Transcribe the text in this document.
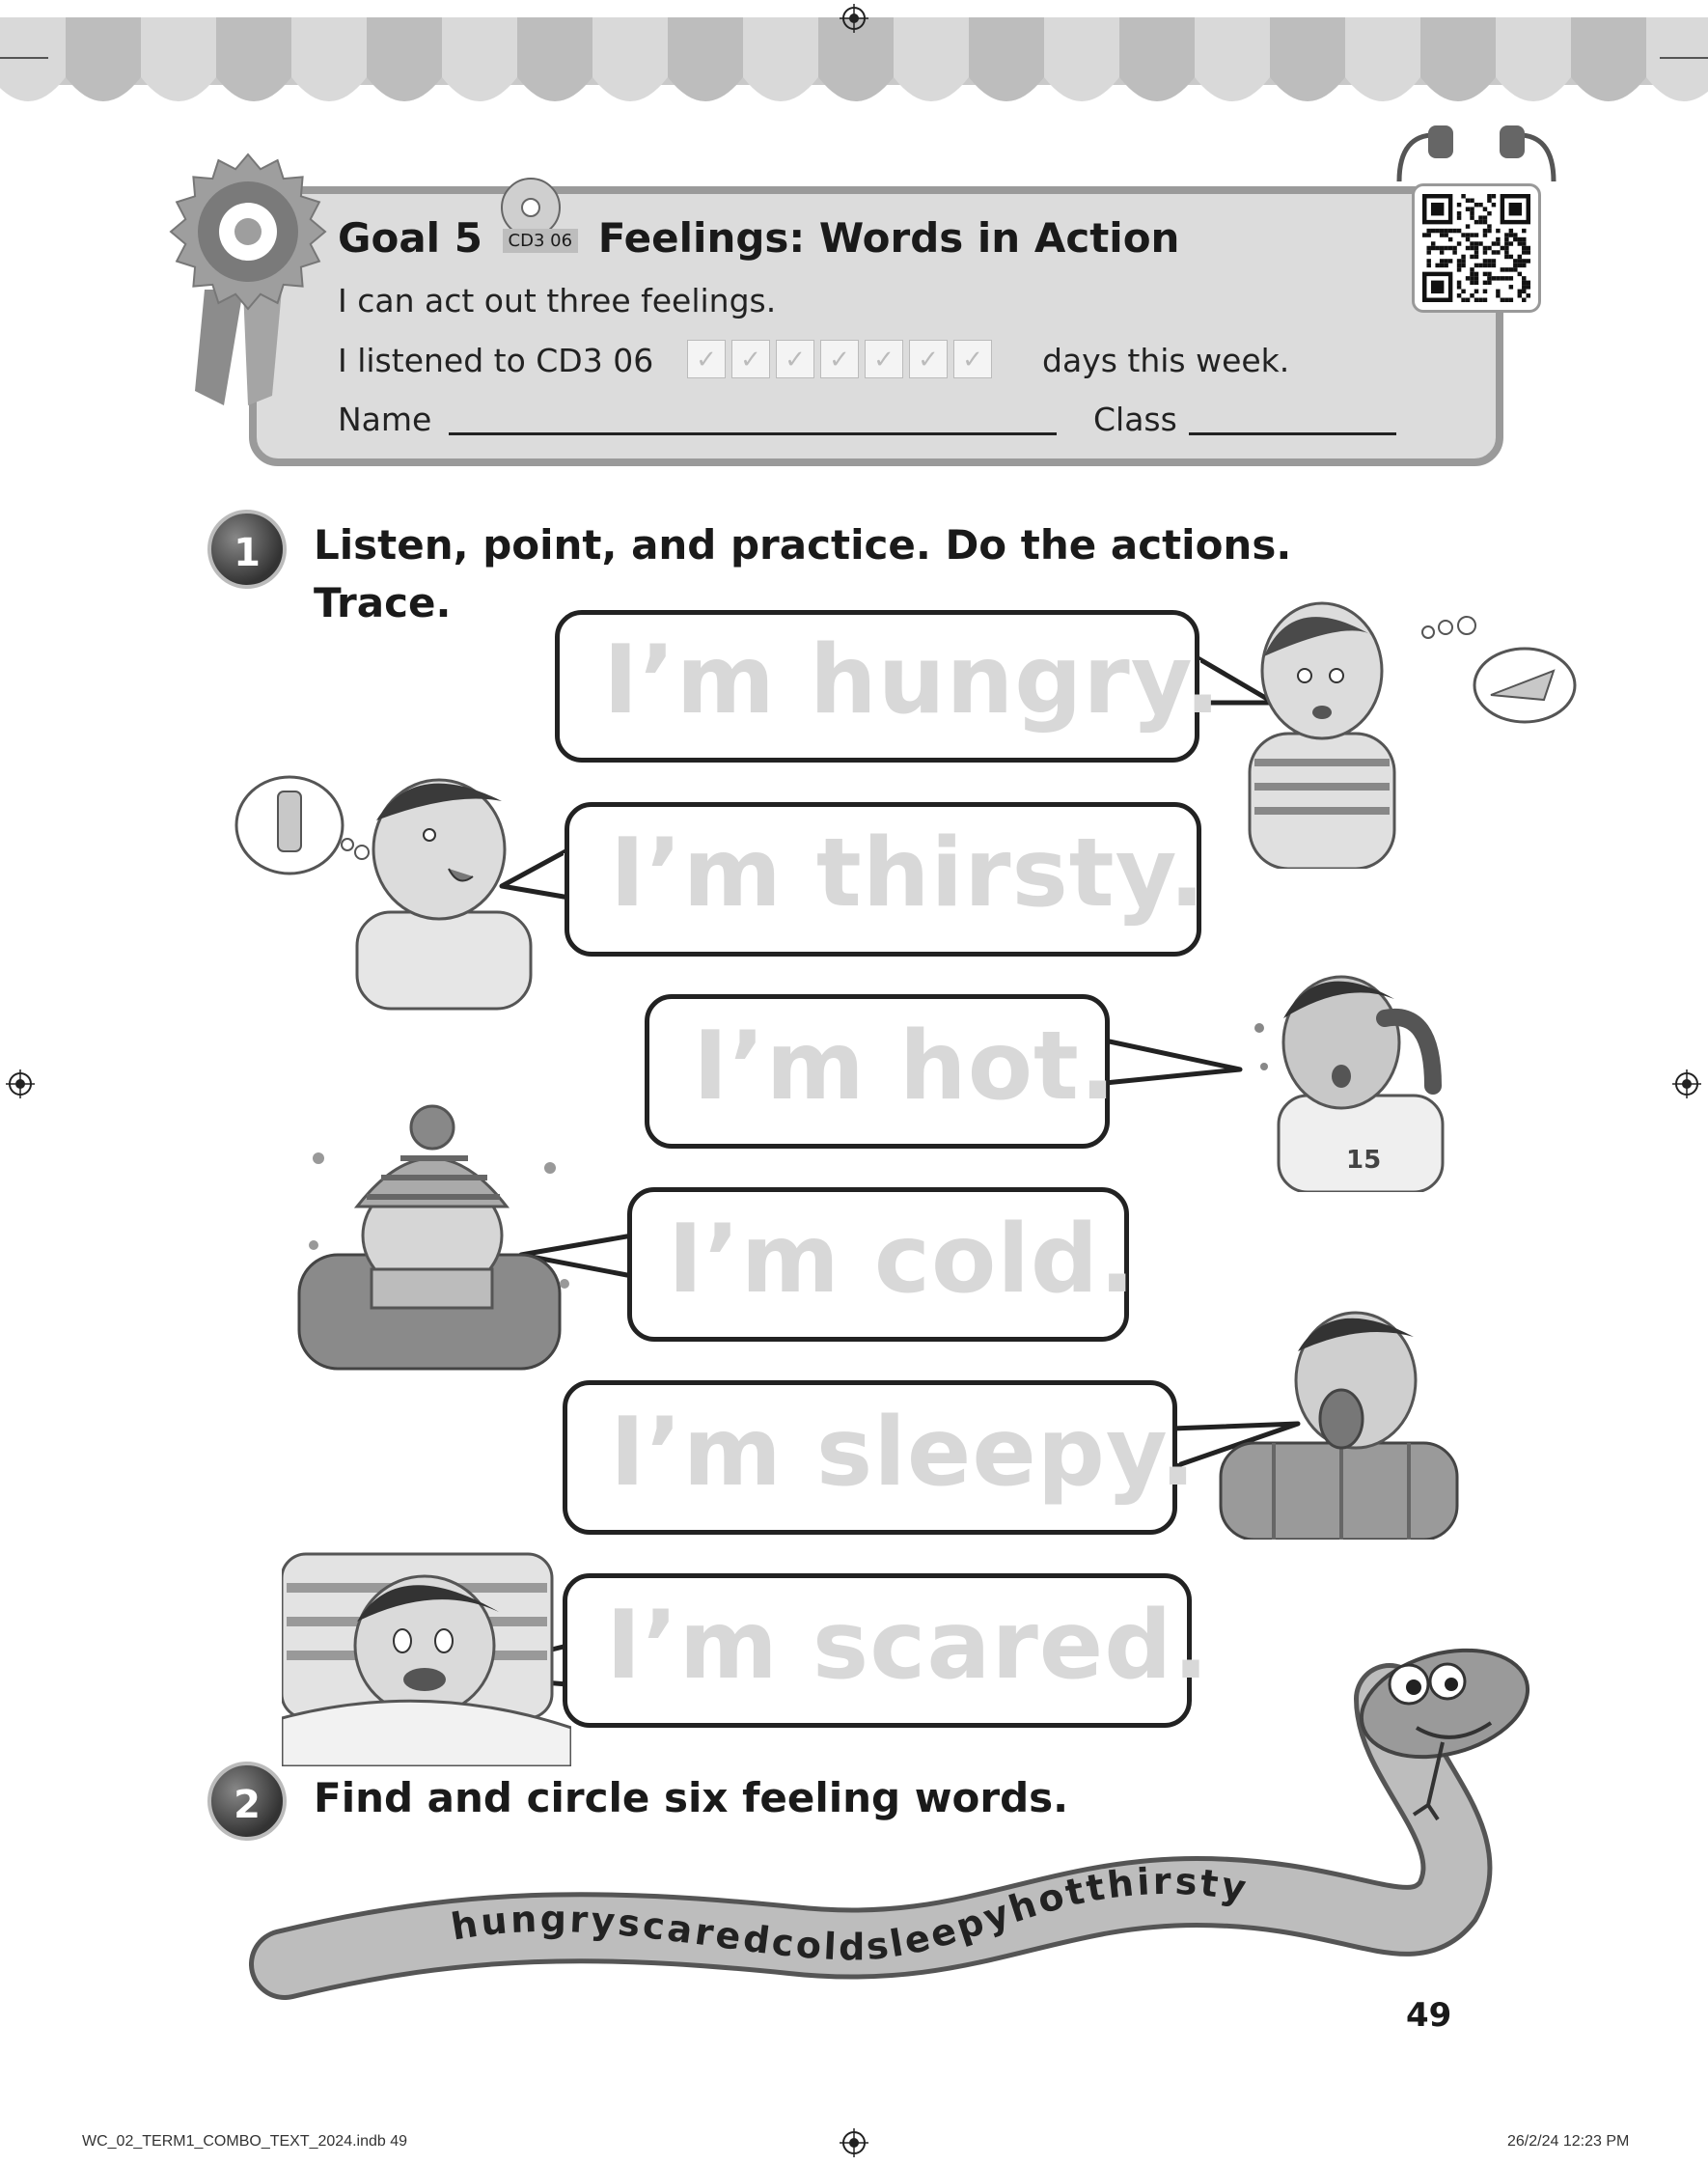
Goal 5 CD3 06 Feelings: Words in Action
I can act out three feelings.
I listened to CD3 06	✓ ✓ ✓ ✓ ✓ ✓ ✓ days this week.
Name	Class
1	Listen, point, and practice. Do the actions.
Trace.
I’m hungry.
I’m thirsty.
I’m hot.
I’m cold.
I’m sleepy.
I’m scared.
15
2	Find and circle six feeling words.
hungryscaredcoldsleepyhotthirsty
49
WC_02_TERM1_COMBO_TEXT_2024.indb 49	26/2/24 12:23 PM
